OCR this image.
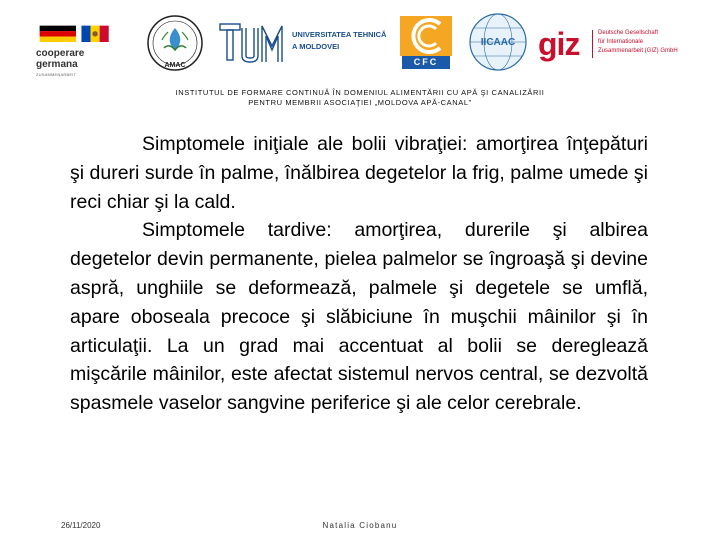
cooperare
germana
ZUSAMMENARBEIT
AMAC
UNIVERSITATEA TEHNICĂ
A MOLDOVEI
CFC
IICAAC giz	Deutsche Gesellschaft
für Internationale
Zusammenarbeit (GIZ) GmbH
INSTITUTUL DE FORMARE CONTINUĂ ÎN DOMENIUL ALIMENTĂRII CU APĂ ŞI CANALIZĂRII
PENTRU MEMBRII ASOCIAŢIEI „MOLDOVA APĂ-CANAL”

Simptomele iniţiale ale bolii vibraţiei: amorţirea înţepături şi dureri surde în palme, înălbirea degetelor la frig, palme umede şi reci chiar şi la cald.

Simptomele tardive: amorţirea, durerile şi albirea degetelor devin permanente, pielea palmelor se îngroaşă şi devine aspră, unghiile se deformează, palmele şi degetele se umflă, apare oboseala precoce şi slăbiciune în muşchii mâinilor şi în articulaţii. La un grad mai accentuat al bolii se deregleazǎ mişcările mâinilor, este afectat sistemul nervos central, se dezvoltă spasmele vaselor sangvine periferice şi ale celor cerebrale.

26/11/2020	Natalia Ciobanu
